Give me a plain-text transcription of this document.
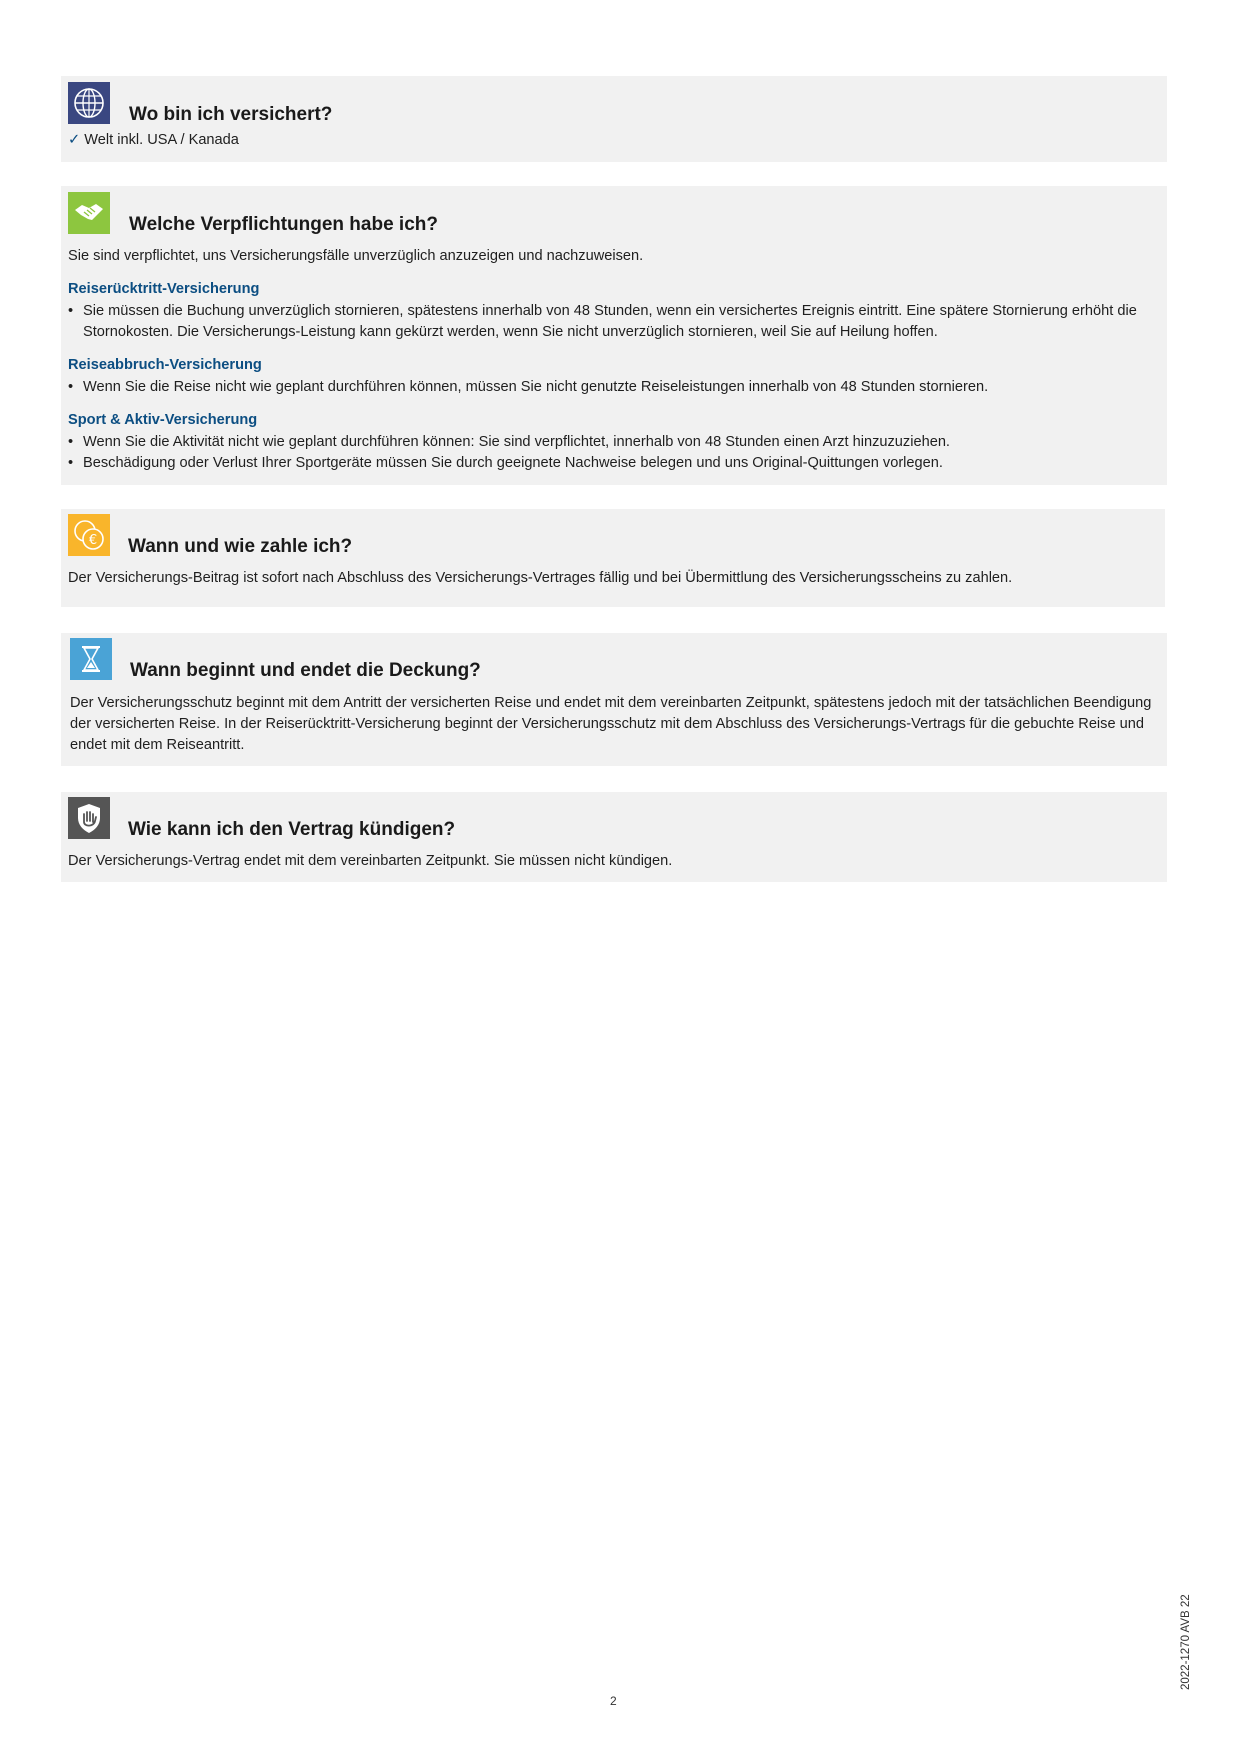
Wo bin ich versichert?
✓ Welt inkl. USA / Kanada
Welche Verpflichtungen habe ich?
Sie sind verpflichtet, uns Versicherungsfälle unverzüglich anzuzeigen und nachzuweisen.
Reiserücktritt-Versicherung
• Sie müssen die Buchung unverzüglich stornieren, spätestens innerhalb von 48 Stunden, wenn ein versichertes Ereignis eintritt. Eine spätere Stornierung erhöht die Stornokosten. Die Versicherungs-Leistung kann gekürzt werden, wenn Sie nicht unverzüglich stornieren, weil Sie auf Heilung hoffen.
Reiseabbruch-Versicherung
• Wenn Sie die Reise nicht wie geplant durchführen können, müssen Sie nicht genutzte Reiseleistungen innerhalb von 48 Stunden stornieren.
Sport & Aktiv-Versicherung
• Wenn Sie die Aktivität nicht wie geplant durchführen können: Sie sind verpflichtet, innerhalb von 48 Stunden einen Arzt hinzuzuziehen.
• Beschädigung oder Verlust Ihrer Sportgeräte müssen Sie durch geeignete Nachweise belegen und uns Original-Quittungen vorlegen.
€ Wann und wie zahle ich?
Der Versicherungs-Beitrag ist sofort nach Abschluss des Versicherungs-Vertrages fällig und bei Übermittlung des Versicherungsscheins zu zahlen.
Wann beginnt und endet die Deckung?
Der Versicherungsschutz beginnt mit dem Antritt der versicherten Reise und endet mit dem vereinbarten Zeitpunkt, spätestens jedoch mit der tatsächlichen Beendigung der versicherten Reise. In der Reiserücktritt-Versicherung beginnt der Versicherungsschutz mit dem Abschluss des Versicherungs-Vertrags für die gebuchte Reise und endet mit dem Reiseantritt.
Wie kann ich den Vertrag kündigen?
Der Versicherungs-Vertrag endet mit dem vereinbarten Zeitpunkt. Sie müssen nicht kündigen.
2
2022-1270 AVB 22
